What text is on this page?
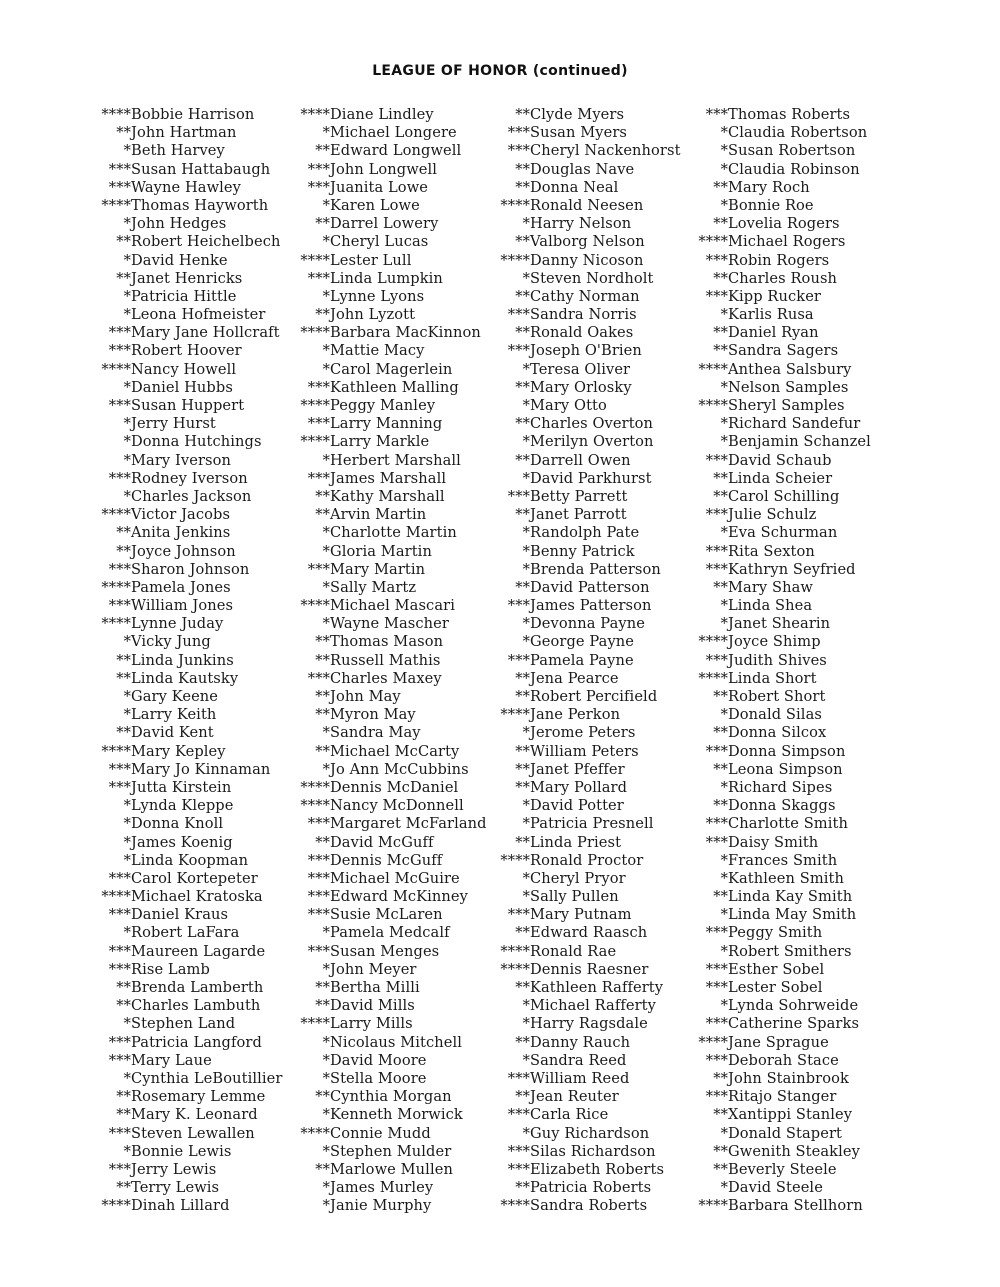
LEAGUE OF HONOR (continued)
****Bobbie Harrison
**John Hartman
*Beth Harvey
***Susan Hattabaugh
***Wayne Hawley
****Thomas Hayworth
*John Hedges
**Robert Heichelbech
*David Henke
**Janet Henricks
*Patricia Hittle
*Leona Hofmeister
***Mary Jane Hollcraft
***Robert Hoover
****Nancy Howell
*Daniel Hubbs
***Susan Huppert
*Jerry Hurst
*Donna Hutchings
*Mary Iverson
***Rodney Iverson
*Charles Jackson
****Victor Jacobs
**Anita Jenkins
**Joyce Johnson
***Sharon Johnson
****Pamela Jones
***William Jones
****Lynne Juday
*Vicky Jung
**Linda Junkins
**Linda Kautsky
*Gary Keene
*Larry Keith
**David Kent
****Mary Kepley
***Mary Jo Kinnaman
***Jutta Kirstein
*Lynda Kleppe
*Donna Knoll
*James Koenig
*Linda Koopman
***Carol Kortepeter
****Michael Kratoska
***Daniel Kraus
*Robert LaFara
***Maureen Lagarde
***Rise Lamb
**Brenda Lamberth
**Charles Lambuth
*Stephen Land
***Patricia Langford
***Mary Laue
*Cynthia LeBoutillier
**Rosemary Lemme
**Mary K. Leonard
***Steven Lewallen
*Bonnie Lewis
***Jerry Lewis
**Terry Lewis
****Dinah Lillard
****Diane Lindley
*Michael Longere
**Edward Longwell
***John Longwell
***Juanita Lowe
*Karen Lowe
**Darrel Lowery
*Cheryl Lucas
****Lester Lull
***Linda Lumpkin
*Lynne Lyons
**John Lyzott
****Barbara MacKinnon
*Mattie Macy
*Carol Magerlein
***Kathleen Malling
****Peggy Manley
***Larry Manning
****Larry Markle
*Herbert Marshall
***James Marshall
**Kathy Marshall
**Arvin Martin
*Charlotte Martin
*Gloria Martin
***Mary Martin
*Sally Martz
****Michael Mascari
*Wayne Mascher
**Thomas Mason
**Russell Mathis
***Charles Maxey
**John May
**Myron May
*Sandra May
**Michael McCarty
*Jo Ann McCubbins
****Dennis McDaniel
****Nancy McDonnell
***Margaret McFarland
**David McGuff
***Dennis McGuff
***Michael McGuire
***Edward McKinney
***Susie McLaren
*Pamela Medcalf
***Susan Menges
*John Meyer
**Bertha Milli
**David Mills
****Larry Mills
*Nicolaus Mitchell
*David Moore
*Stella Moore
**Cynthia Morgan
*Kenneth Morwick
****Connie Mudd
*Stephen Mulder
**Marlowe Mullen
*James Murley
*Janie Murphy
**Clyde Myers
***Susan Myers
***Cheryl Nackenhorst
**Douglas Nave
**Donna Neal
****Ronald Neesen
*Harry Nelson
**Valborg Nelson
****Danny Nicoson
*Steven Nordholt
**Cathy Norman
***Sandra Norris
**Ronald Oakes
***Joseph O'Brien
*Teresa Oliver
**Mary Orlosky
*Mary Otto
**Charles Overton
*Merilyn Overton
**Darrell Owen
*David Parkhurst
***Betty Parrett
**Janet Parrott
*Randolph Pate
*Benny Patrick
*Brenda Patterson
**David Patterson
***James Patterson
*Devonna Payne
*George Payne
***Pamela Payne
**Jena Pearce
**Robert Percifield
****Jane Perkon
*Jerome Peters
**William Peters
**Janet Pfeffer
**Mary Pollard
*David Potter
*Patricia Presnell
**Linda Priest
****Ronald Proctor
*Cheryl Pryor
*Sally Pullen
***Mary Putnam
**Edward Raasch
****Ronald Rae
****Dennis Raesner
**Kathleen Rafferty
*Michael Rafferty
*Harry Ragsdale
**Danny Rauch
*Sandra Reed
***William Reed
**Jean Reuter
***Carla Rice
*Guy Richardson
***Silas Richardson
***Elizabeth Roberts
**Patricia Roberts
****Sandra Roberts
***Thomas Roberts
*Claudia Robertson
*Susan Robertson
*Claudia Robinson
**Mary Roch
*Bonnie Roe
**Lovelia Rogers
****Michael Rogers
***Robin Rogers
**Charles Roush
***Kipp Rucker
*Karlis Rusa
**Daniel Ryan
**Sandra Sagers
****Anthea Salsbury
*Nelson Samples
****Sheryl Samples
*Richard Sandefur
*Benjamin Schanzel
***David Schaub
**Linda Scheier
**Carol Schilling
***Julie Schulz
*Eva Schurman
***Rita Sexton
***Kathryn Seyfried
**Mary Shaw
*Linda Shea
*Janet Shearin
****Joyce Shimp
***Judith Shives
****Linda Short
**Robert Short
*Donald Silas
**Donna Silcox
***Donna Simpson
**Leona Simpson
*Richard Sipes
**Donna Skaggs
***Charlotte Smith
***Daisy Smith
*Frances Smith
*Kathleen Smith
**Linda Kay Smith
*Linda May Smith
***Peggy Smith
*Robert Smithers
***Esther Sobel
***Lester Sobel
*Lynda Sohrweide
***Catherine Sparks
****Jane Sprague
***Deborah Stace
**John Stainbrook
***Ritajo Stanger
**Xantippi Stanley
*Donald Stapert
**Gwenith Steakley
**Beverly Steele
*David Steele
****Barbara Stellhorn
